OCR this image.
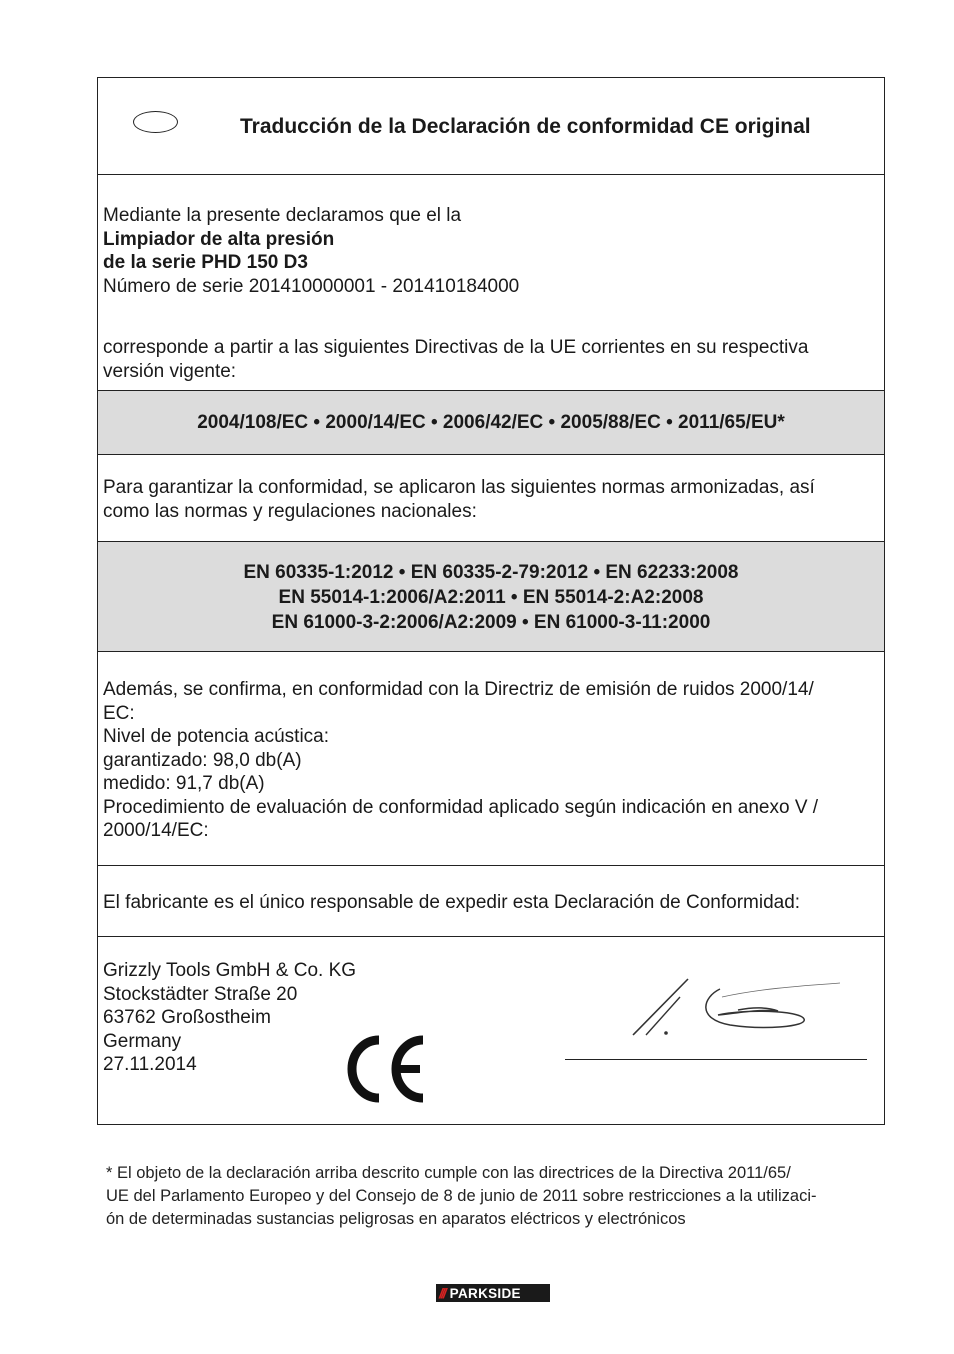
Traducción de la Declaración de conformidad CE original
Mediante la presente declaramos que el la
Limpiador de alta presión
de la serie PHD 150 D3
Número de serie 201410000001 - 201410184000
corresponde a partir a las siguientes Directivas de la UE corrientes en su respectiva
versión vigente:
2004/108/EC • 2000/14/EC • 2006/42/EC • 2005/88/EC • 2011/65/EU*
Para garantizar la conformidad, se aplicaron las siguientes normas armonizadas, así
como las normas y regulaciones nacionales:
EN 60335-1:2012 • EN 60335-2-79:2012 • EN 62233:2008
EN 55014-1:2006/A2:2011 • EN 55014-2:A2:2008
EN 61000-3-2:2006/A2:2009 • EN 61000-3-11:2000
Además, se confirma, en conformidad con la Directriz de emisión de ruidos 2000/14/
EC:
Nivel de potencia acústica:
garantizado: 98,0 db(A)
medido: 91,7 db(A)
Procedimiento de evaluación de conformidad aplicado según indicación en anexo V /
2000/14/EC:
El fabricante es el único responsable de expedir esta Declaración de Conformidad:
Grizzly Tools GmbH & Co. KG
Stockstädter Straße 20
63762 Großostheim
Germany
27.11.2014
* El objeto de la declaración arriba descrito cumple con las directrices de la Directiva 2011/65/
UE del Parlamento Europeo y del Consejo de 8 de junio de 2011 sobre restricciones a la utilizaci-
ón de determinadas sustancias peligrosas en aparatos eléctricos y electrónicos
/// PARKSIDE
